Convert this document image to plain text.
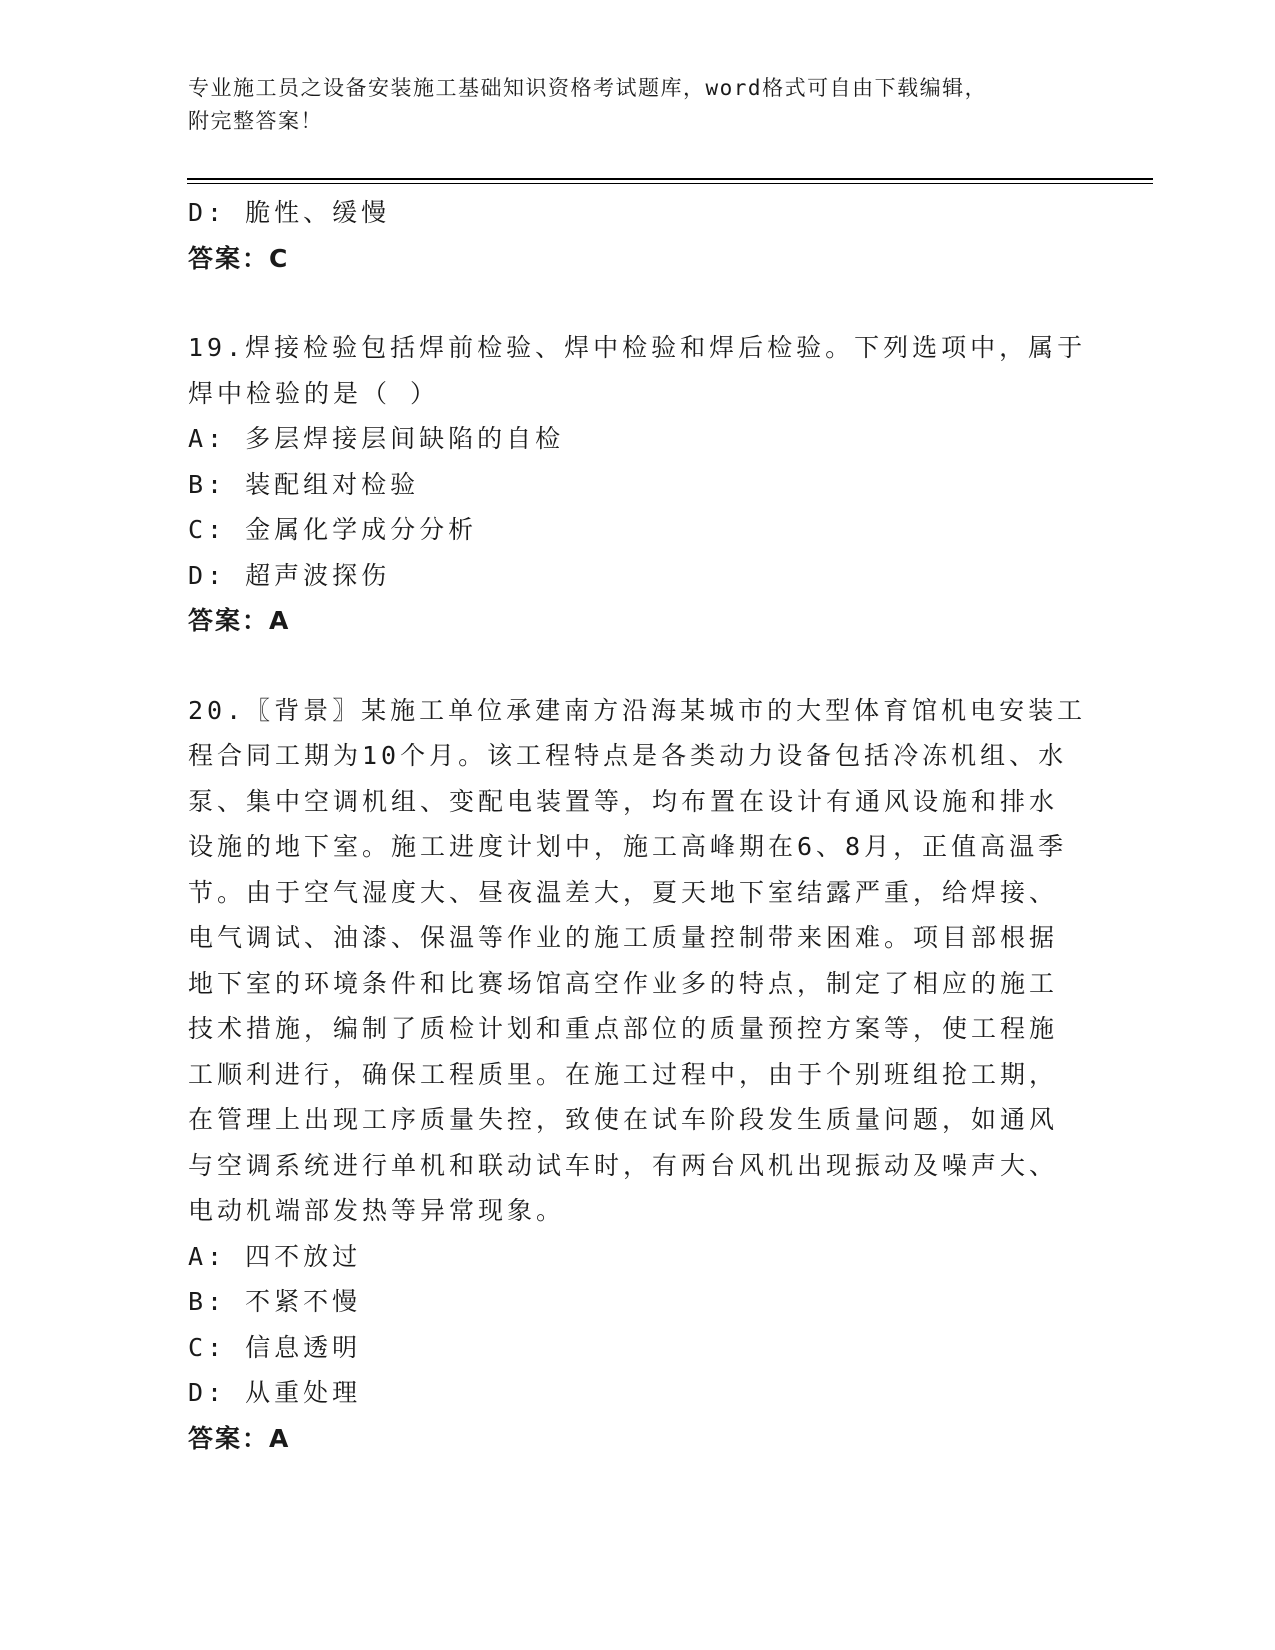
专业施工员之设备安装施工基础知识资格考试题库，word格式可自由下载编辑，
附完整答案！
D: 脆性、缓慢
答案：C
19.焊接检验包括焊前检验、焊中检验和焊后检验。下列选项中，属于
焊中检验的是（ ）
A: 多层焊接层间缺陷的自检
B: 装配组对检验
C: 金属化学成分分析
D: 超声波探伤
答案：A
20.〖背景〗某施工单位承建南方沿海某城市的大型体育馆机电安装工
程合同工期为10个月。该工程特点是各类动力设备包括冷冻机组、水
泵、集中空调机组、变配电装置等，均布置在设计有通风设施和排水
设施的地下室。施工进度计划中，施工高峰期在6、8月，正值高温季
节。由于空气湿度大、昼夜温差大，夏天地下室结露严重，给焊接、
电气调试、油漆、保温等作业的施工质量控制带来困难。项目部根据
地下室的环境条件和比赛场馆高空作业多的特点，制定了相应的施工
技术措施，编制了质检计划和重点部位的质量预控方案等，使工程施
工顺利进行，确保工程质里。在施工过程中，由于个别班组抢工期，
在管理上出现工序质量失控，致使在试车阶段发生质量问题，如通风
与空调系统进行单机和联动试车时，有两台风机出现振动及噪声大、
电动机端部发热等异常现象。
A: 四不放过
B: 不紧不慢
C: 信息透明
D: 从重处理
答案：A
